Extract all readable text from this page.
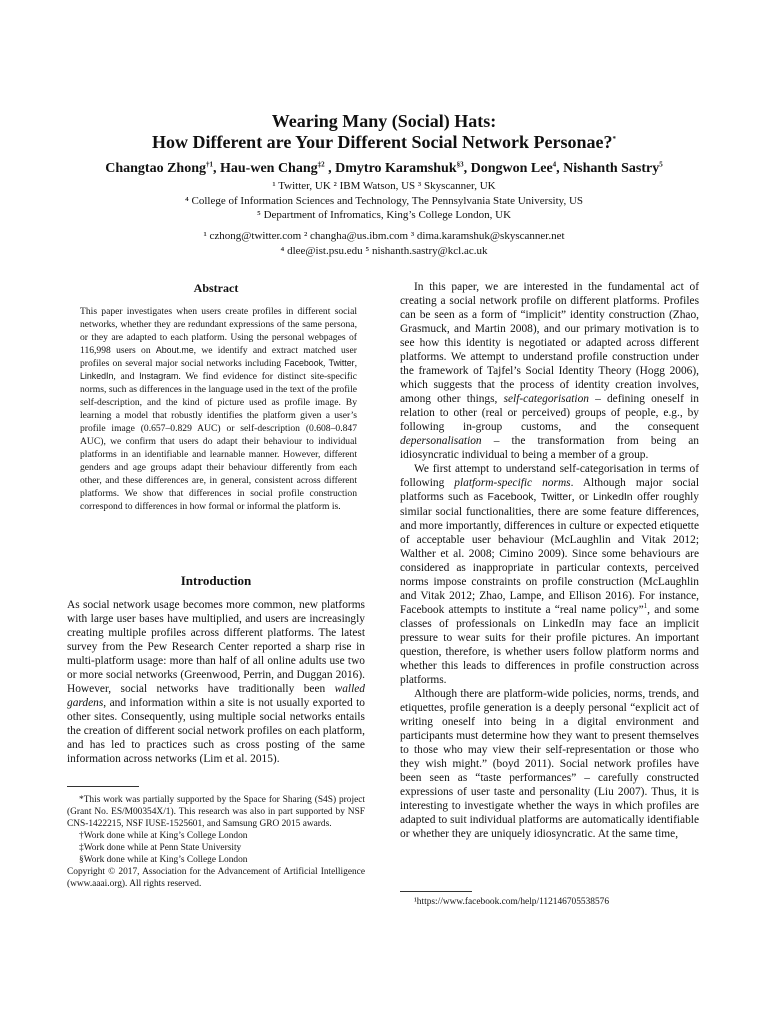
Wearing Many (Social) Hats:
How Different are Your Different Social Network Personae?*
Changtao Zhong$^{\dagger 1}$, Hau-wen Chang$^{\ddagger 2}$ , Dmytro Karamshuk$^{\S 3}$, Dongwon Lee$^4$, Nishanth Sastry$^5$
¹ Twitter, UK ² IBM Watson, US ³ Skyscanner, UK
⁴ College of Information Sciences and Technology, The Pennsylvania State University, US
⁵ Department of Infromatics, King’s College London, UK
¹ czhong@twitter.com ² changha@us.ibm.com ³ dima.karamshuk@skyscanner.net
⁴ dlee@ist.psu.edu ⁵ nishanth.sastry@kcl.ac.uk
Abstract
This paper investigates when users create profiles in different social networks, whether they are redundant expressions of the same persona, or they are adapted to each platform. Using the personal webpages of 116,998 users on About.me, we identify and extract matched user profiles on several major social networks including Facebook, Twitter, LinkedIn, and Instagram. We find evidence for distinct site-specific norms, such as differences in the language used in the text of the profile self-description, and the kind of picture used as profile image. By learning a model that robustly identifies the platform given a user’s profile image (0.657–0.829 AUC) or self-description (0.608–0.847 AUC), we confirm that users do adapt their behaviour to individual platforms in an identifiable and learnable manner. However, different genders and age groups adapt their behaviour differently from each other, and these differences are, in general, consistent across different platforms. We show that differences in social profile construction correspond to differences in how formal or informal the platform is.
Introduction
As social network usage becomes more common, new platforms with large user bases have multiplied, and users are increasingly creating multiple profiles across different platforms. The latest survey from the Pew Research Center reported a sharp rise in multi-platform usage: more than half of all online adults use two or more social networks (Greenwood, Perrin, and Duggan 2016). However, social networks have traditionally been walled gardens, and information within a site is not usually exported to other sites. Consequently, using multiple social networks entails the creation of different social network profiles on each platform, and has led to practices such as cross posting of the same information across networks (Lim et al. 2015).

*This work was partially supported by the Space for Sharing (S4S) project (Grant No. ES/M00354X/1). This research was also in part supported by NSF CNS-1422215, NSF IUSE-1525601, and Samsung GRO 2015 awards.

†Work done while at King’s College London

‡Work done while at Penn State University

§Work done while at King’s College London

Copyright © 2017, Association for the Advancement of Artificial Intelligence (www.aaai.org). All rights reserved.

In this paper, we are interested in the fundamental act of creating a social network profile on different platforms. Profiles can be seen as a form of “implicit” identity construction (Zhao, Grasmuck, and Martin 2008), and our primary motivation is to see how this identity is negotiated or adapted across different platforms. We attempt to understand profile construction under the framework of Tajfel’s Social Identity Theory (Hogg 2006), which suggests that the process of identity creation involves, among other things, self-categorisation – defining oneself in relation to other (real or perceived) groups of people, e.g., by following in-group customs, and the consequent depersonalisation – the transformation from being an idiosyncratic individual to being a member of a group.

We first attempt to understand self-categorisation in terms of following platform-specific norms. Although major social platforms such as Facebook, Twitter, or LinkedIn offer roughly similar social functionalities, there are some feature differences, and more importantly, differences in culture or expected etiquette of acceptable user behaviour (McLaughlin and Vitak 2012; Walther et al. 2008; Cimino 2009). Since some behaviours are considered as inappropriate in particular contexts, perceived norms impose constraints on profile construction (McLaughlin and Vitak 2012; Zhao, Lampe, and Ellison 2016). For instance, Facebook attempts to institute a “real name policy”$^1$, and some classes of professionals on LinkedIn may face an implicit pressure to wear suits for their profile pictures. An important question, therefore, is whether users follow platform norms and whether this leads to differences in profile construction across platforms.

Although there are platform-wide policies, norms, trends, and etiquettes, profile generation is a deeply personal “explicit act of writing oneself into being in a digital environment and participants must determine how they want to present themselves to those who may view their self-representation or those who they wish might.” (boyd 2011). Social network profiles have been seen as “taste performances” – carefully constructed expressions of user taste and personality (Liu 2007). Thus, it is interesting to investigate whether the ways in which profiles are adapted to suit individual platforms are automatically identifiable or whether they are uniquely idiosyncratic. At the same time,

¹https://www.facebook.com/help/112146705538576
